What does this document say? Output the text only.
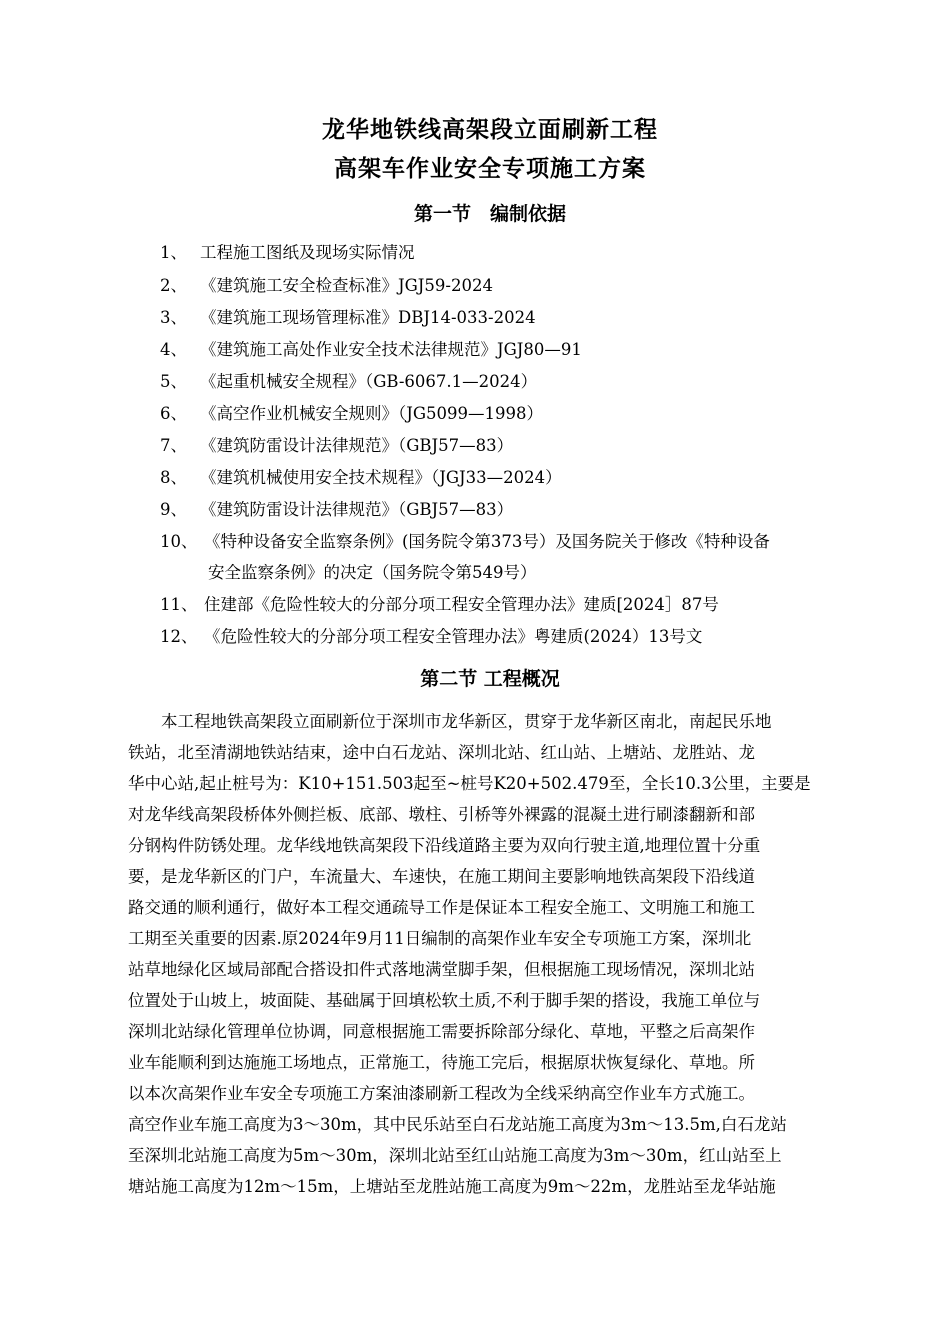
龙华地铁线高架段立面刷新工程
高架车作业安全专项施工方案
第一节　编制依据
1、 工程施工图纸及现场实际情况
2、 《建筑施工安全检查标准》JGJ59-2024
3、 《建筑施工现场管理标准》DBJ14-033-2024
4、 《建筑施工高处作业安全技术法律规范》JGJ80—91
5、 《起重机械安全规程》（GB-6067.1—2024）
6、 《高空作业机械安全规则》（JG5099—1998）
7、 《建筑防雷设计法律规范》（GBJ57—83）
8、 《建筑机械使用安全技术规程》（JGJ33—2024）
9、 《建筑防雷设计法律规范》（GBJ57—83）
10、 《特种设备安全监察条例》(国务院令第373号）及国务院关于修改《特种设备
安全监察条例》的决定（国务院令第549号）
11、 住建部《危险性较大的分部分项工程安全管理办法》建质[2024］87号
12、 《危险性较大的分部分项工程安全管理办法》粤建质(2024）13号文
第二节 工程概况
　　本工程地铁高架段立面刷新位于深圳市龙华新区，贯穿于龙华新区南北，南起民乐地
铁站，北至清湖地铁站结束，途中白石龙站、深圳北站、红山站、上塘站、龙胜站、龙
华中心站,起止桩号为：K10+151.503起至~桩号K20+502.479至，全长10.3公里，主要是
对龙华线高架段桥体外侧拦板、底部、墩柱、引桥等外裸露的混凝土进行刷漆翻新和部
分钢构件防锈处理。龙华线地铁高架段下沿线道路主要为双向行驶主道,地理位置十分重
要，是龙华新区的门户，车流量大、车速快，在施工期间主要影响地铁高架段下沿线道
路交通的顺利通行，做好本工程交通疏导工作是保证本工程安全施工、文明施工和施工
工期至关重要的因素.原2024年9月11日编制的高架作业车安全专项施工方案，深圳北
站草地绿化区域局部配合搭设扣件式落地满堂脚手架，但根据施工现场情况，深圳北站
位置处于山坡上，坡面陡、基础属于回填松软土质,不利于脚手架的搭设，我施工单位与
深圳北站绿化管理单位协调，同意根据施工需要拆除部分绿化、草地，平整之后高架作
业车能顺利到达施施工场地点，正常施工，待施工完后，根据原状恢复绿化、草地。所
以本次高架作业车安全专项施工方案油漆刷新工程改为全线采纳高空作业车方式施工。
高空作业车施工高度为3～30m，其中民乐站至白石龙站施工高度为3m～13.5m,白石龙站
至深圳北站施工高度为5m～30m，深圳北站至红山站施工高度为3m～30m，红山站至上
塘站施工高度为12m～15m，上塘站至龙胜站施工高度为9m～22m，龙胜站至龙华站施
